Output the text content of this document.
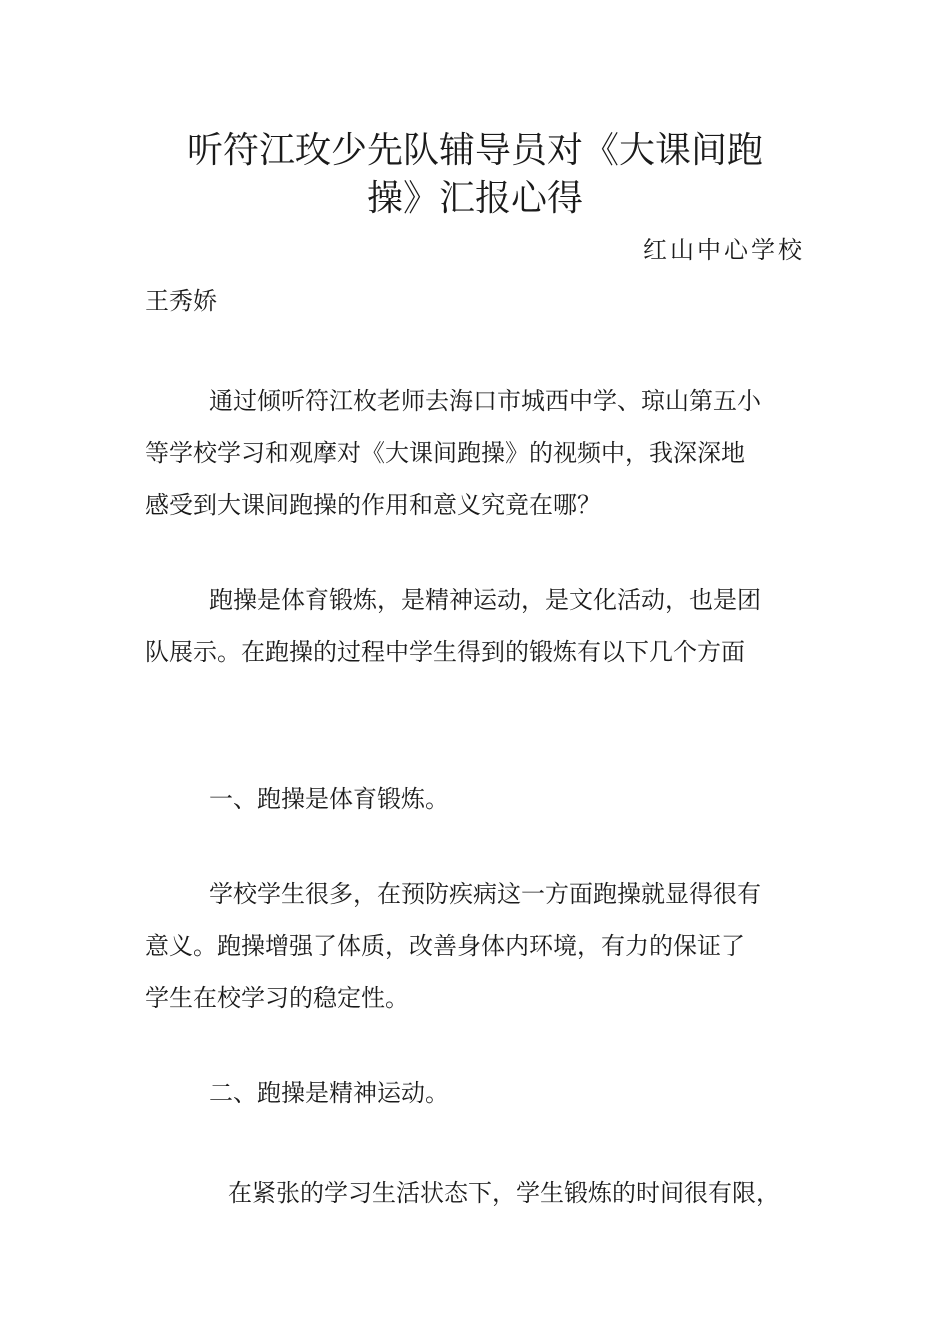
听符江玫少先队辅导员对《大课间跑
操》汇报心得
红山中心学校
王秀娇

通过倾听符江枚老师去海口市城西中学、琼山第五小
等学校学习和观摩对《大课间跑操》的视频中，我深深地
感受到大课间跑操的作用和意义究竟在哪？

跑操是体育锻炼，是精神运动，是文化活动，也是团
队展示。在跑操的过程中学生得到的锻炼有以下几个方面

一、跑操是体育锻炼。

学校学生很多，在预防疾病这一方面跑操就显得很有
意义。跑操增强了体质，改善身体内环境，有力的保证了
学生在校学习的稳定性。

二、跑操是精神运动。

在紧张的学习生活状态下，学生锻炼的时间很有限，
